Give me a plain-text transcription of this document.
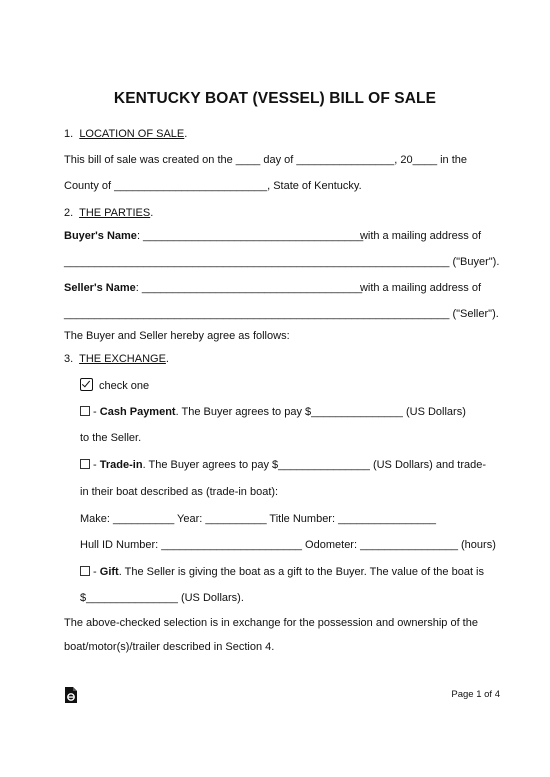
KENTUCKY BOAT (VESSEL) BILL OF SALE
1. LOCATION OF SALE.
This bill of sale was created on the ____ day of ________________, 20____ in the
County of _________________________, State of Kentucky.
2. THE PARTIES.
Buyer's Name: ____________________________________
with a mailing address of
_______________________________________________________________ ("Buyer").
Seller's Name: ____________________________________
with a mailing address of
_______________________________________________________________ ("Seller").
The Buyer and Seller hereby agree as follows:
3. THE EXCHANGE.
check one
- Cash Payment. The Buyer agrees to pay $_______________ (US Dollars)
to the Seller.
- Trade-in. The Buyer agrees to pay $_______________ (US Dollars) and trade-
in their boat described as (trade-in boat):
Make: __________ Year: __________ Title Number: ________________
Hull ID Number: _______________________ Odometer: ________________ (hours)
- Gift. The Seller is giving the boat as a gift to the Buyer. The value of the boat is
$_______________ (US Dollars).
The above-checked selection is in exchange for the possession and ownership of the
boat/motor(s)/trailer described in Section 4.
Page 1 of 4
